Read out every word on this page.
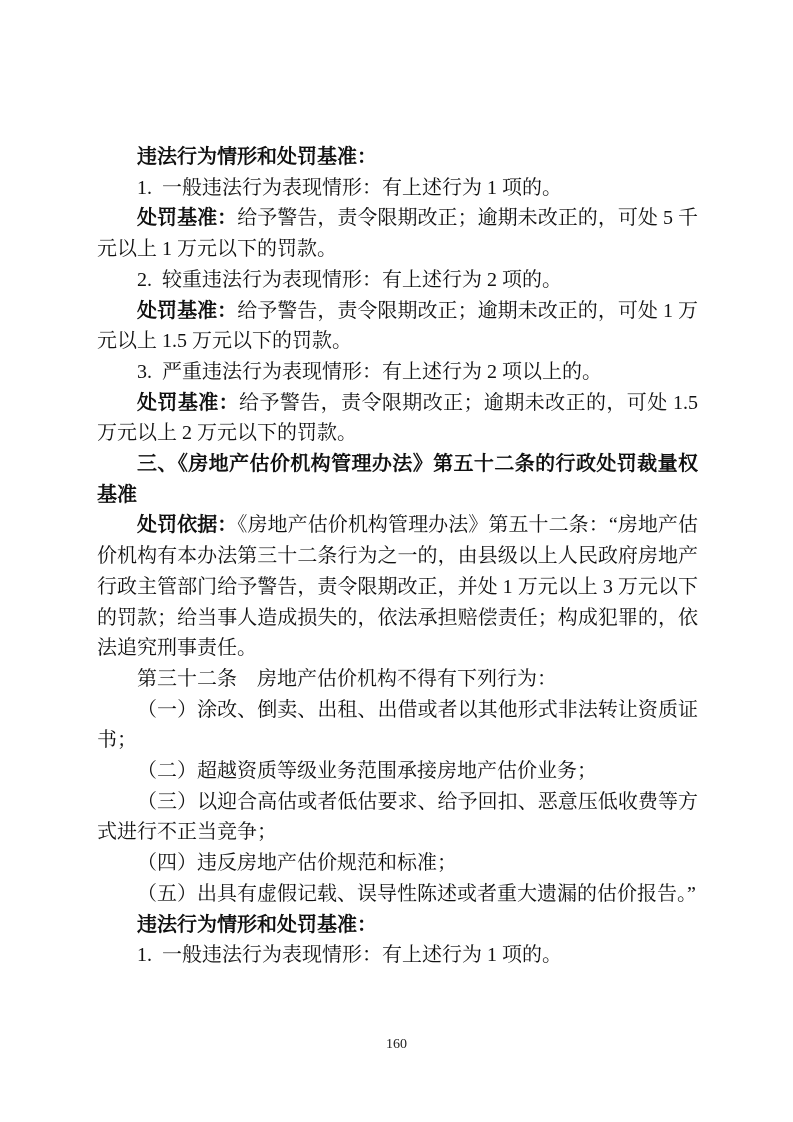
违法行为情形和处罚基准：

1.  一般违法行为表现情形：有上述行为 1 项的。

处罚基准：给予警告，责令限期改正；逾期未改正的，可处 5 千元以上 1 万元以下的罚款。

2.  较重违法行为表现情形：有上述行为 2 项的。

处罚基准：给予警告，责令限期改正；逾期未改正的，可处 1 万元以上 1.5 万元以下的罚款。

3.  严重违法行为表现情形：有上述行为 2 项以上的。

处罚基准：给予警告，责令限期改正；逾期未改正的，可处 1.5 万元以上 2 万元以下的罚款。

三、《房地产估价机构管理办法》第五十二条的行政处罚裁量权基准

处罚依据：《房地产估价机构管理办法》第五十二条：“房地产估价机构有本办法第三十二条行为之一的，由县级以上人民政府房地产行政主管部门给予警告，责令限期改正，并处 1 万元以上 3 万元以下的罚款；给当事人造成损失的，依法承担赔偿责任；构成犯罪的，依法追究刑事责任。

第三十二条　房地产估价机构不得有下列行为：

（一）涂改、倒卖、出租、出借或者以其他形式非法转让资质证书；

（二）超越资质等级业务范围承接房地产估价业务；

（三）以迎合高估或者低估要求、给予回扣、恶意压低收费等方式进行不正当竞争；

（四）违反房地产估价规范和标准；

（五）出具有虚假记载、误导性陈述或者重大遗漏的估价报告。”

违法行为情形和处罚基准：

1.  一般违法行为表现情形：有上述行为 1 项的。

160
